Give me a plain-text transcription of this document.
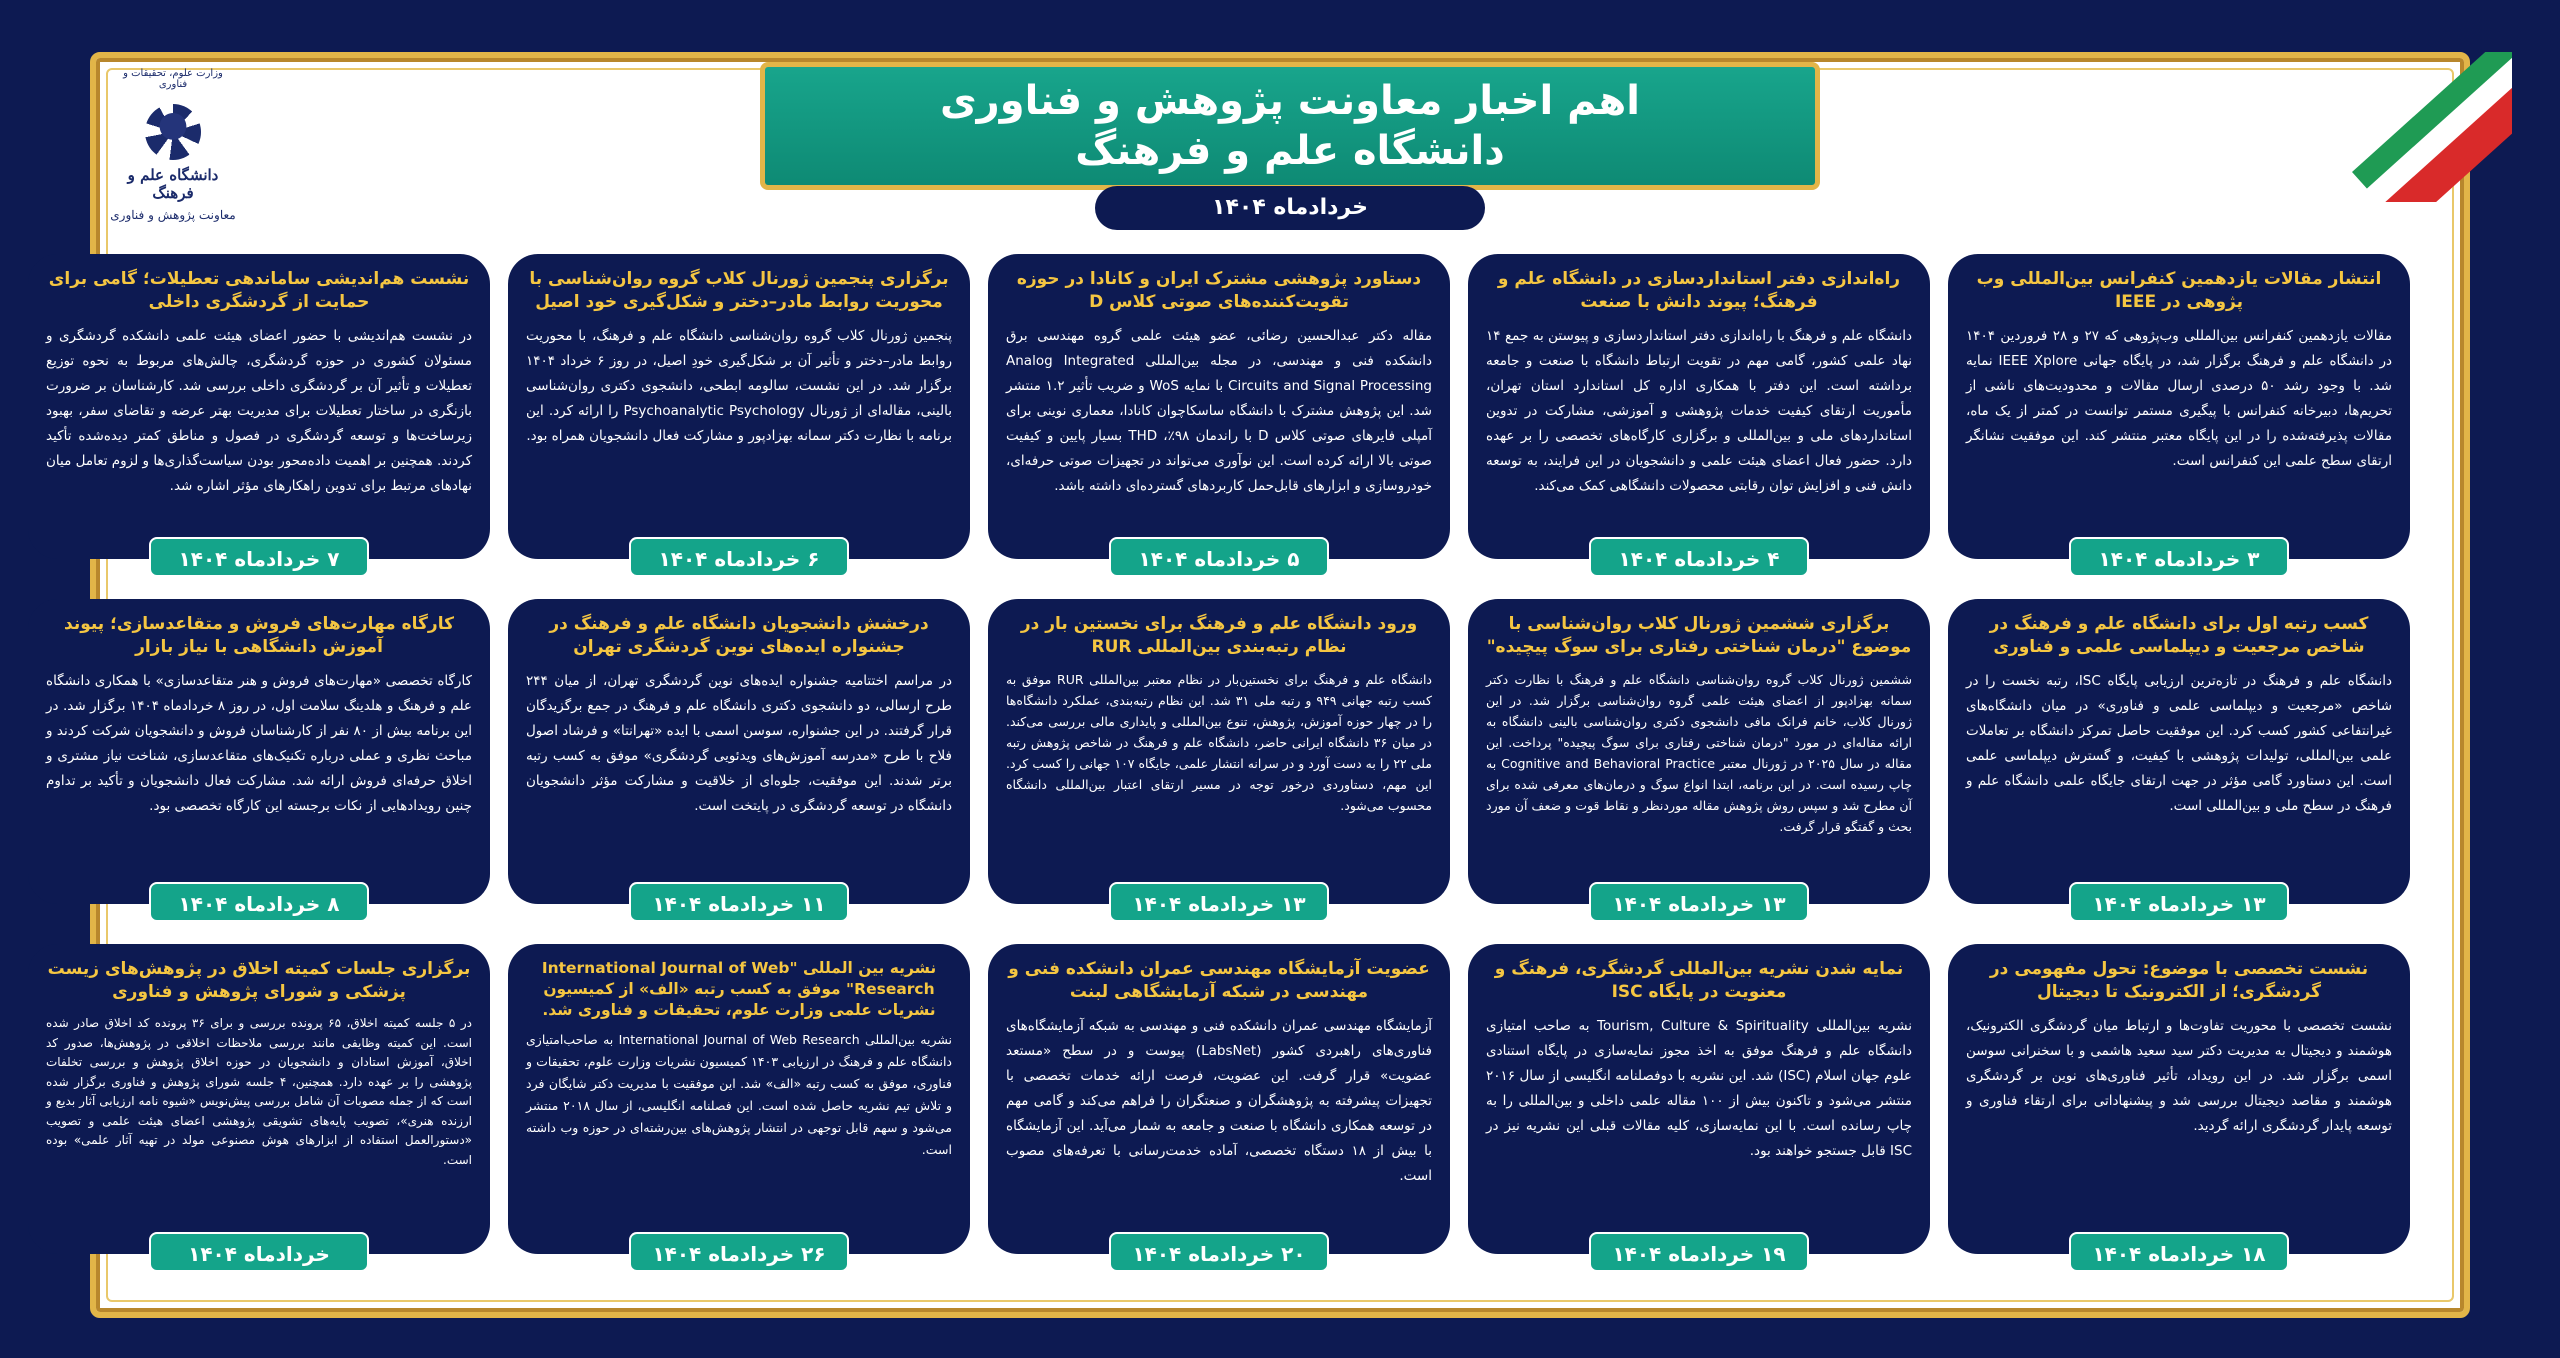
وزارت علوم، تحقیقات و فناوری
دانشگاه علم و فرهنگ
معاونت پژوهش و فناوری
اهم اخبار معاونت پژوهش و فناوری
دانشگاه علم و فرهنگ
خردادماه ۱۴۰۴
انتشار مقالات یازدهمین کنفرانس بین‌المللی وب پژوهی در IEEE
مقالات یازدهمین کنفرانس بین‌المللی وب‌پژوهی که ۲۷ و ۲۸ فروردین ۱۴۰۴ در دانشگاه علم و فرهنگ برگزار شد، در پایگاه جهانی IEEE Xplore نمایه شد. با وجود رشد ۵۰ درصدی ارسال مقالات و محدودیت‌های ناشی از تحریم‌ها، دبیرخانه کنفرانس با پیگیری مستمر توانست در کمتر از یک ماه، مقالات پذیرفته‌شده را در این پایگاه معتبر منتشر کند. این موفقیت نشانگر ارتقای سطح علمی این کنفرانس است.
۳ خردادماه ۱۴۰۴
راه‌اندازی دفتر استانداردسازی در دانشگاه علم و فرهنگ؛ پیوند دانش با صنعت
دانشگاه علم و فرهنگ با راه‌اندازی دفتر استانداردسازی و پیوستن به جمع ۱۴ نهاد علمی کشور، گامی مهم در تقویت ارتباط دانشگاه با صنعت و جامعه برداشته است. این دفتر با همکاری اداره کل استاندارد استان تهران، مأموریت ارتقای کیفیت خدمات پژوهشی و آموزشی، مشارکت در تدوین استانداردهای ملی و بین‌المللی و برگزاری کارگاه‌های تخصصی را بر عهده دارد. حضور فعال اعضای هیئت علمی و دانشجویان در این فرایند، به توسعه دانش فنی و افزایش توان رقابتی محصولات دانشگاهی کمک می‌کند.
۴ خردادماه ۱۴۰۴
دستاورد پژوهشی مشترک ایران و کانادا در حوزه تقویت‌کننده‌های صوتی کلاس D
مقاله دکتر عبدالحسین رضائی، عضو هیئت علمی گروه مهندسی برق دانشکده فنی و مهندسی، در مجله بین‌المللی Analog Integrated Circuits and Signal Processing با نمایه WoS و ضریب تأثیر ۱.۲ منتشر شد. این پژوهش مشترک با دانشگاه ساسکاچوان کانادا، معماری نوینی برای آمپلی فایرهای صوتی کلاس D با راندمان ۹۸٪، THD بسیار پایین و کیفیت صوتی بالا ارائه کرده است. این نوآوری می‌تواند در تجهیزات صوتی حرفه‌ای، خودروسازی و ابزارهای قابل‌حمل کاربردهای گسترده‌ای داشته باشد.
۵ خردادماه ۱۴۰۴
برگزاری پنجمین ژورنال کلاب گروه روان‌شناسی با محوریت روابط مادر–دختر و شکل‌گیری خود اصیل
پنجمین ژورنال کلاب گروه روان‌شناسی دانشگاه علم و فرهنگ، با محوریت روابط مادر–دختر و تأثیر آن بر شکل‌گیری خودِ اصیل، در روز ۶ خرداد ۱۴۰۴ برگزار شد. در این نشست، سالومه ابطحی، دانشجوی دکتری روان‌شناسی بالینی، مقاله‌ای از ژورنال Psychoanalytic Psychology را ارائه کرد. این برنامه با نظارت دکتر سمانه بهزادپور و مشارکت فعال دانشجویان همراه بود.
۶ خردادماه ۱۴۰۴
نشست هم‌اندیشی ساماندهی تعطیلات؛ گامی برای حمایت از گردشگری داخلی
در نشست هم‌اندیشی با حضور اعضای هیئت علمی دانشکده گردشگری و مسئولان کشوری در حوزه گردشگری، چالش‌های مربوط به نحوه توزیع تعطیلات و تأثیر آن بر گردشگری داخلی بررسی شد. کارشناسان بر ضرورت بازنگری در ساختار تعطیلات برای مدیریت بهتر عرضه و تقاضای سفر، بهبود زیرساخت‌ها و توسعه گردشگری در فصول و مناطق کمتر دیده‌شده تأکید کردند. همچنین بر اهمیت داده‌محور بودن سیاست‌گذاری‌ها و لزوم تعامل میان نهادهای مرتبط برای تدوین راهکارهای مؤثر اشاره شد.
۷ خردادماه ۱۴۰۴
کسب رتبه اول برای دانشگاه علم و فرهنگ در شاخص مرجعیت و دیپلماسی علمی و فناوری
دانشگاه علم و فرهنگ در تازه‌ترین ارزیابی پایگاه ISC، رتبه نخست را در شاخص «مرجعیت و دیپلماسی علمی و فناوری» در میان دانشگاه‌های غیرانتفاعی کشور کسب کرد. این موفقیت حاصل تمرکز دانشگاه بر تعاملات علمی بین‌المللی، تولیدات پژوهشی با کیفیت، و گسترش دیپلماسی علمی است. این دستاورد گامی مؤثر در جهت ارتقای جایگاه علمی دانشگاه علم و فرهنگ در سطح ملی و بین‌المللی است.
۱۳ خردادماه ۱۴۰۴
برگزاری ششمین ژورنال کلاب روان‌شناسی با موضوع "درمان شناختی رفتاری برای سوگ پیچیده"
ششمین ژورنال کلاب گروه روان‌شناسی دانشگاه علم و فرهنگ با نظارت دکتر سمانه بهزادپور از اعضای هیئت علمی گروه روان‌شناسی برگزار شد. در این ژورنال کلاب، خانم فرانک مافی دانشجوی دکتری روان‌شناسی بالینی دانشگاه به ارائه مقاله‌ای در مورد "درمان شناختی رفتاری برای سوگ پیچیده" پرداخت. این مقاله در سال ۲۰۲۵ در ژورنال معتبر Cognitive and Behavioral Practice به چاپ رسیده است. در این برنامه، ابتدا انواع سوگ و درمان‌های معرفی شده برای آن مطرح شد و سپس روش پژوهش مقاله موردنظر و نقاط قوت و ضعف آن مورد بحث و گفتگو قرار گرفت.
۱۳ خردادماه ۱۴۰۴
ورود دانشگاه علم و فرهنگ برای نخستین بار در نظام رتبه‌بندی بین‌المللی RUR
دانشگاه علم و فرهنگ برای نخستین‌بار در نظام معتبر بین‌المللی RUR موفق به کسب رتبه جهانی ۹۴۹ و رتبه ملی ۳۱ شد. این نظام رتبه‌بندی، عملکرد دانشگاه‌ها را در چهار حوزه آموزش، پژوهش، تنوع بین‌المللی و پایداری مالی بررسی می‌کند. در میان ۳۶ دانشگاه ایرانی حاضر، دانشگاه علم و فرهنگ در شاخص پژوهش رتبه ملی ۲۲ را به دست آورد و در سرانه انتشار علمی، جایگاه ۱۰۷ جهانی را کسب کرد. این مهم، دستاوردی درخور توجه در مسیر ارتقای اعتبار بین‌المللی دانشگاه محسوب می‌شود.
۱۳ خردادماه ۱۴۰۴
درخشش دانشجویان دانشگاه علم و فرهنگ در جشنواره ایده‌های نوین گردشگری تهران
در مراسم اختتامیه جشنواره ایده‌های نوین گردشگری تهران، از میان ۲۴۴ طرح ارسالی، دو دانشجوی دکتری دانشگاه علم و فرهنگ در جمع برگزیدگان قرار گرفتند. در این جشنواره، سوسن اسمی با ایده «تهرانتا» و فرشاد اصول فلاح با طرح «مدرسه آموزش‌های ویدئویی گردشگری» موفق به کسب رتبه برتر شدند. این موفقیت، جلوه‌ای از خلاقیت و مشارکت مؤثر دانشجویان دانشگاه در توسعه گردشگری در پایتخت است.
۱۱ خردادماه ۱۴۰۴
کارگاه مهارت‌های فروش و متقاعدسازی؛ پیوند آموزش دانشگاهی با نیاز بازار
کارگاه تخصصی «مهارت‌های فروش و هنر متقاعدسازی» با همکاری دانشگاه علم و فرهنگ و هلدینگ سلامت اول، در روز ۸ خردادماه ۱۴۰۴ برگزار شد. در این برنامه بیش از ۸۰ نفر از کارشناسان فروش و دانشجویان شرکت کردند و مباحث نظری و عملی درباره تکنیک‌های متقاعدسازی، شناخت نیاز مشتری و اخلاق حرفه‌ای فروش ارائه شد. مشارکت فعال دانشجویان و تأکید بر تداوم چنین رویدادهایی از نکات برجسته این کارگاه تخصصی بود.
۸ خردادماه ۱۴۰۴
نشست تخصصی با موضوع: تحول مفهومی در گردشگری؛ از الکترونیک تا دیجیتال
نشست تخصصی با محوریت تفاوت‌ها و ارتباط میان گردشگری الکترونیک، هوشمند و دیجیتال به مدیریت دکتر سید سعید هاشمی و با سخنرانی سوسن اسمی برگزار شد. در این رویداد، تأثیر فناوری‌های نوین بر گردشگری هوشمند و مقاصد دیجیتال بررسی شد و پیشنهاداتی برای ارتقاء فناوری و توسعه پایدار گردشگری ارائه گردید.
۱۸ خردادماه ۱۴۰۴
نمایه شدن نشریه بین‌المللی گردشگری، فرهنگ و معنویت در پایگاه ISC
نشریه بین‌المللی Tourism, Culture & Spirituality به صاحب امتیازی دانشگاه علم و فرهنگ موفق به اخذ مجوز نمایه‌سازی در پایگاه استنادی علوم جهان اسلام (ISC) شد. این نشریه با دوفصلنامه انگلیسی از سال ۲۰۱۶ منتشر می‌شود و تاکنون بیش از ۱۰۰ مقاله علمی داخلی و بین‌المللی را به چاپ رسانده است. با این نمایه‌سازی، کلیه مقالات قبلی این نشریه نیز در ISC قابل جستجو خواهند بود.
۱۹ خردادماه ۱۴۰۴
عضویت آزمایشگاه مهندسی عمران دانشکده فنی و مهندسی در شبکه آزمایشگاهی لبنت
آزمایشگاه مهندسی عمران دانشکده فنی و مهندسی به شبکه آزمایشگاه‌های فناوری‌های راهبردی کشور (LabsNet) پیوست و در سطح «مستعد عضویت» قرار گرفت. این عضویت، فرصت ارائه خدمات تخصصی با تجهیزات پیشرفته به پژوهشگران و صنعتگران را فراهم می‌کند و گامی مهم در توسعه همکاری دانشگاه با صنعت و جامعه به شمار می‌آید. این آزمایشگاه با بیش از ۱۸ دستگاه تخصصی، آماده خدمت‌رسانی با تعرفه‌های مصوب است.
۲۰ خردادماه ۱۴۰۴
نشریه بین المللی "International Journal of Web Research" موفق به کسب رتبه «الف» از کمیسیون نشریات علمی وزارت علوم، تحقیقات و فناوری شد.
نشریه بین‌المللی International Journal of Web Research به صاحب‌امتیازی دانشگاه علم و فرهنگ در ارزیابی ۱۴۰۳ کمیسیون نشریات وزارت علوم، تحقیقات و فناوری، موفق به کسب رتبه «الف» شد. این موفقیت با مدیریت دکتر شایگان فرد و تلاش تیم نشریه حاصل شده است. این فصلنامه انگلیسی، از سال ۲۰۱۸ منتشر می‌شود و سهم قابل توجهی در انتشار پژوهش‌های بین‌رشته‌ای در حوزه وب داشته است.
۲۶ خردادماه ۱۴۰۴
برگزاری جلسات کمیته اخلاق در پژوهش‌های زیست پزشکی و شورای پژوهش و فناوری
در ۵ جلسه کمیته اخلاق، ۶۵ پرونده بررسی و برای ۳۶ پرونده کد اخلاق صادر شده است. این کمیته وظایفی مانند بررسی ملاحظات اخلاقی در پژوهش‌ها، صدور کد اخلاق، آموزش استادان و دانشجویان در حوزه اخلاق پژوهش و بررسی تخلفات پژوهشی را بر عهده دارد. همچنین، ۴ جلسه شورای پژوهش و فناوری برگزار شده است که از جمله مصوبات آن شامل بررسی پیش‌نویس «شیوه نامه ارزیابی آثار بدیع و ارزنده هنری»، تصویب پایه‌های تشویقی پژوهشی اعضای هیئت علمی و تصویب «دستورالعمل استفاده از ابزارهای هوش مصنوعی مولد در تهیه آثار علمی» بوده است.
خردادماه ۱۴۰۴
